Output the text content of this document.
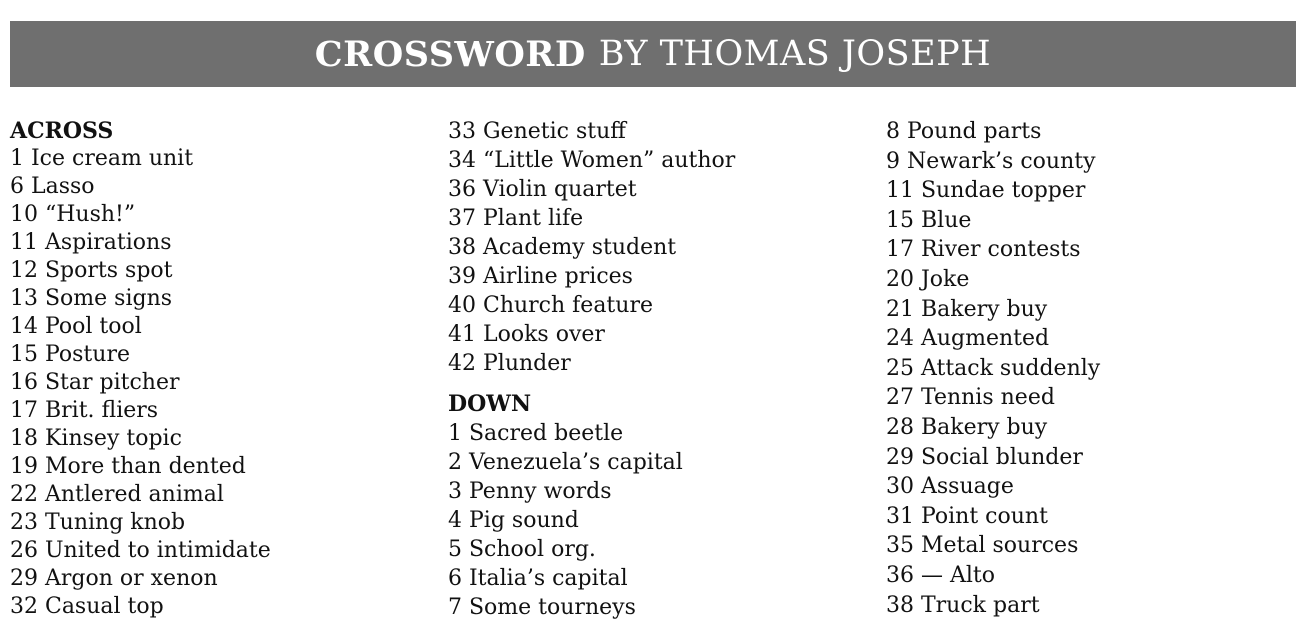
CROSSWORD BY THOMAS JOSEPH
ACROSS
1 Ice cream unit
6 Lasso
10 “Hush!”
11 Aspirations
12 Sports spot
13 Some signs
14 Pool tool
15 Posture
16 Star pitcher
17 Brit. fliers
18 Kinsey topic
19 More than dented
22 Antlered animal
23 Tuning knob
26 United to intimidate
29 Argon or xenon
32 Casual top
33 Genetic stuff
34 “Little Women” author
36 Violin quartet
37 Plant life
38 Academy student
39 Airline prices
40 Church feature
41 Looks over
42 Plunder
DOWN
1 Sacred beetle
2 Venezuela’s capital
3 Penny words
4 Pig sound
5 School org.
6 Italia’s capital
7 Some tourneys
8 Pound parts
9 Newark’s county
11 Sundae topper
15 Blue
17 River contests
20 Joke
21 Bakery buy
24 Augmented
25 Attack suddenly
27 Tennis need
28 Bakery buy
29 Social blunder
30 Assuage
31 Point count
35 Metal sources
36 — Alto
38 Truck part
